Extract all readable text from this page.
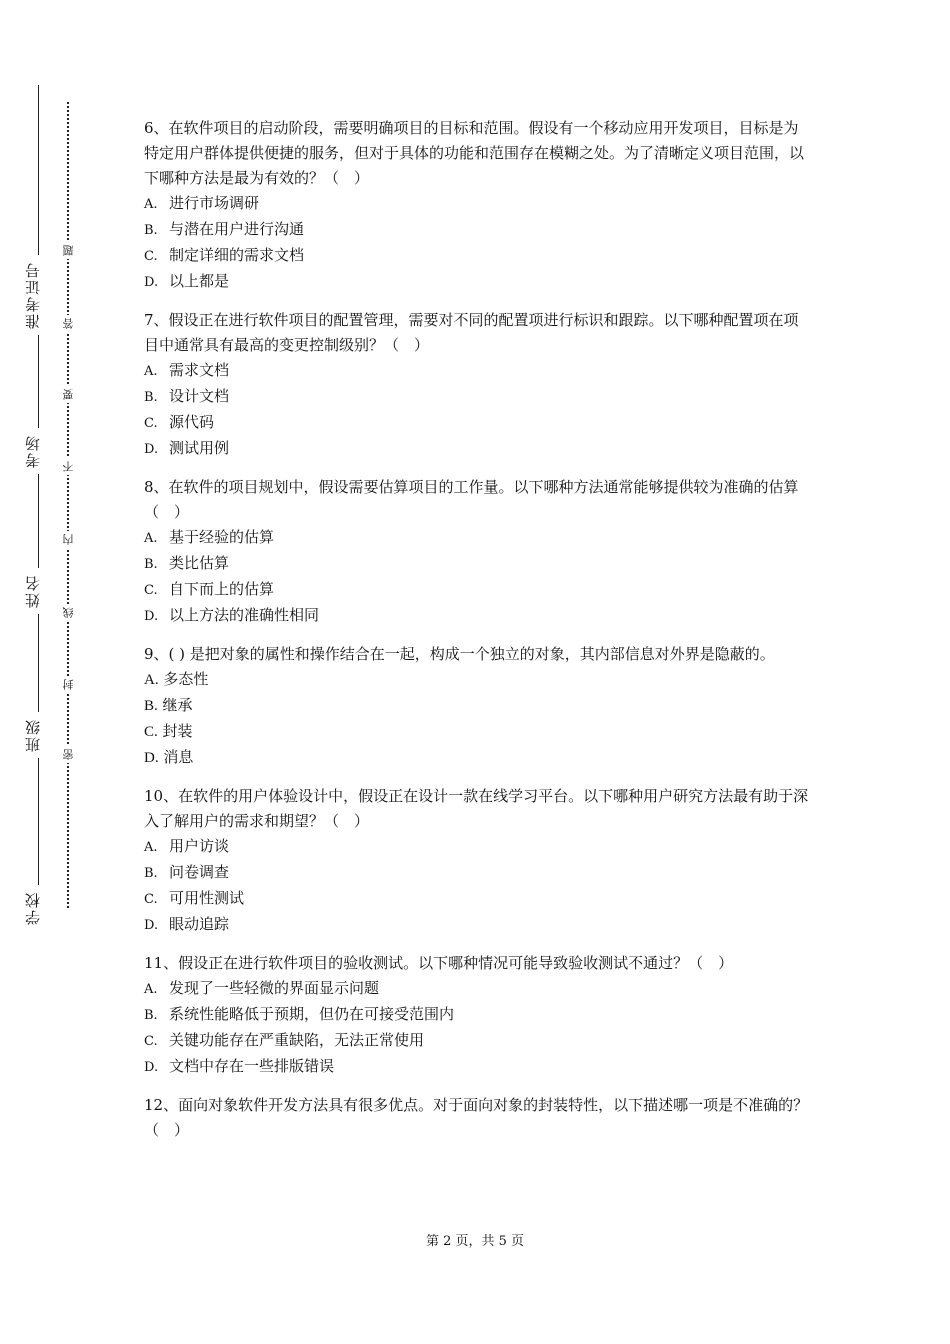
学校
班级
姓名
考场
准考证号
密
封
线
内
不
要
答
题

6、在软件项目的启动阶段，需要明确项目的目标和范围。假设有一个移动应用开发项目，目标是为特定用户群体提供便捷的服务，但对于具体的功能和范围存在模糊之处。为了清晰定义项目范围，以下哪种方法是最为有效的？（　）

A. 进行市场调研

B. 与潜在用户进行沟通

C. 制定详细的需求文档

D. 以上都是

7、假设正在进行软件项目的配置管理，需要对不同的配置项进行标识和跟踪。以下哪种配置项在项目中通常具有最高的变更控制级别？（　）

A. 需求文档

B. 设计文档

C. 源代码

D. 测试用例

8、在软件的项目规划中，假设需要估算项目的工作量。以下哪种方法通常能够提供较为准确的估算（　）

A. 基于经验的估算

B. 类比估算

C. 自下而上的估算

D. 以上方法的准确性相同

9、( ) 是把对象的属性和操作结合在一起，构成一个独立的对象，其内部信息对外界是隐蔽的。

A. 多态性

B. 继承

C. 封装

D. 消息

10、在软件的用户体验设计中，假设正在设计一款在线学习平台。以下哪种用户研究方法最有助于深入了解用户的需求和期望？（　）

A. 用户访谈

B. 问卷调查

C. 可用性测试

D. 眼动追踪

11、假设正在进行软件项目的验收测试。以下哪种情况可能导致验收测试不通过？（　）

A. 发现了一些轻微的界面显示问题

B. 系统性能略低于预期，但仍在可接受范围内

C. 关键功能存在严重缺陷，无法正常使用

D. 文档中存在一些排版错误

12、面向对象软件开发方法具有很多优点。对于面向对象的封装特性，以下描述哪一项是不准确的？（　）

第 2 页，共 5 页
